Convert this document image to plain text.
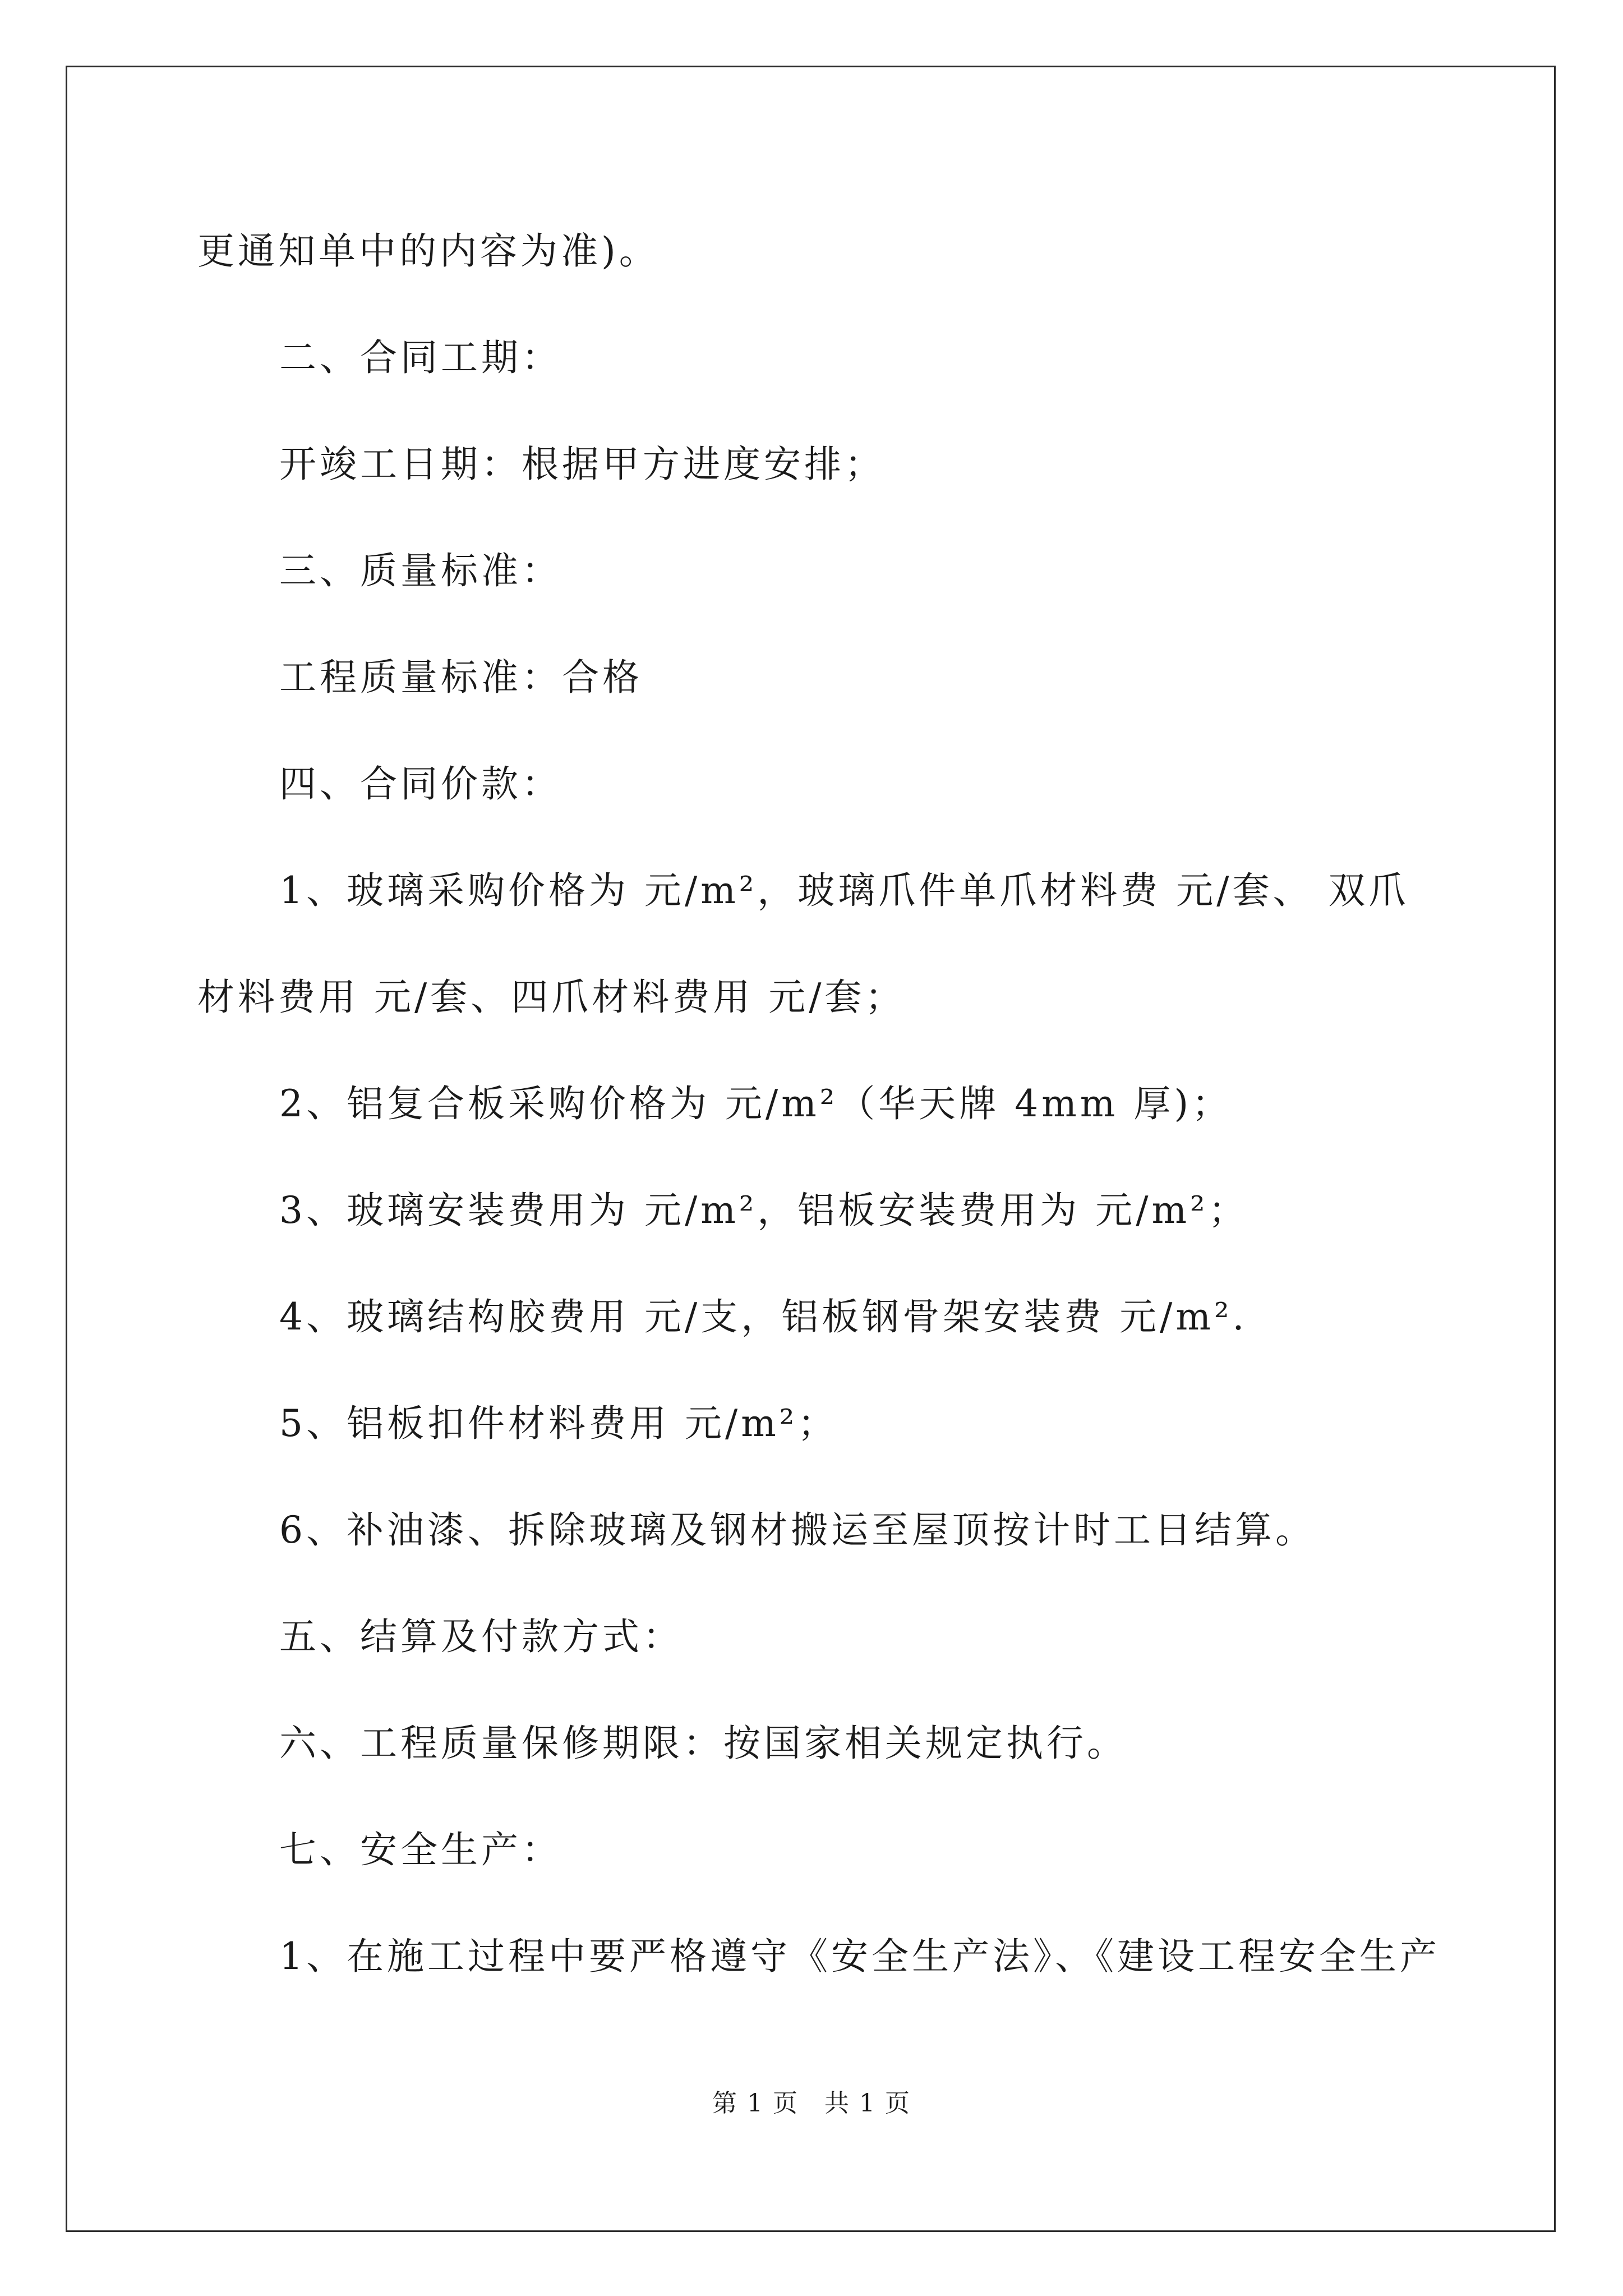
更通知单中的内容为准)。
二、合同工期：
开竣工日期：根据甲方进度安排；
三、质量标准：
工程质量标准：合格
四、合同价款：
1、玻璃采购价格为 元/m²，玻璃爪件单爪材料费 元/套、 双爪
材料费用 元/套、四爪材料费用 元/套；
2、铝复合板采购价格为 元/m²（华天牌 4mm 厚)；
3、玻璃安装费用为 元/m²，铝板安装费用为 元/m²；
4、玻璃结构胶费用 元/支，铝板钢骨架安装费 元/m².
5、铝板扣件材料费用 元/m²；
6、补油漆、拆除玻璃及钢材搬运至屋顶按计时工日结算。
五、结算及付款方式：
六、工程质量保修期限：按国家相关规定执行。
七、安全生产：
1、在施工过程中要严格遵守《安全生产法》、《建设工程安全生产
第 1 页　共 1 页
